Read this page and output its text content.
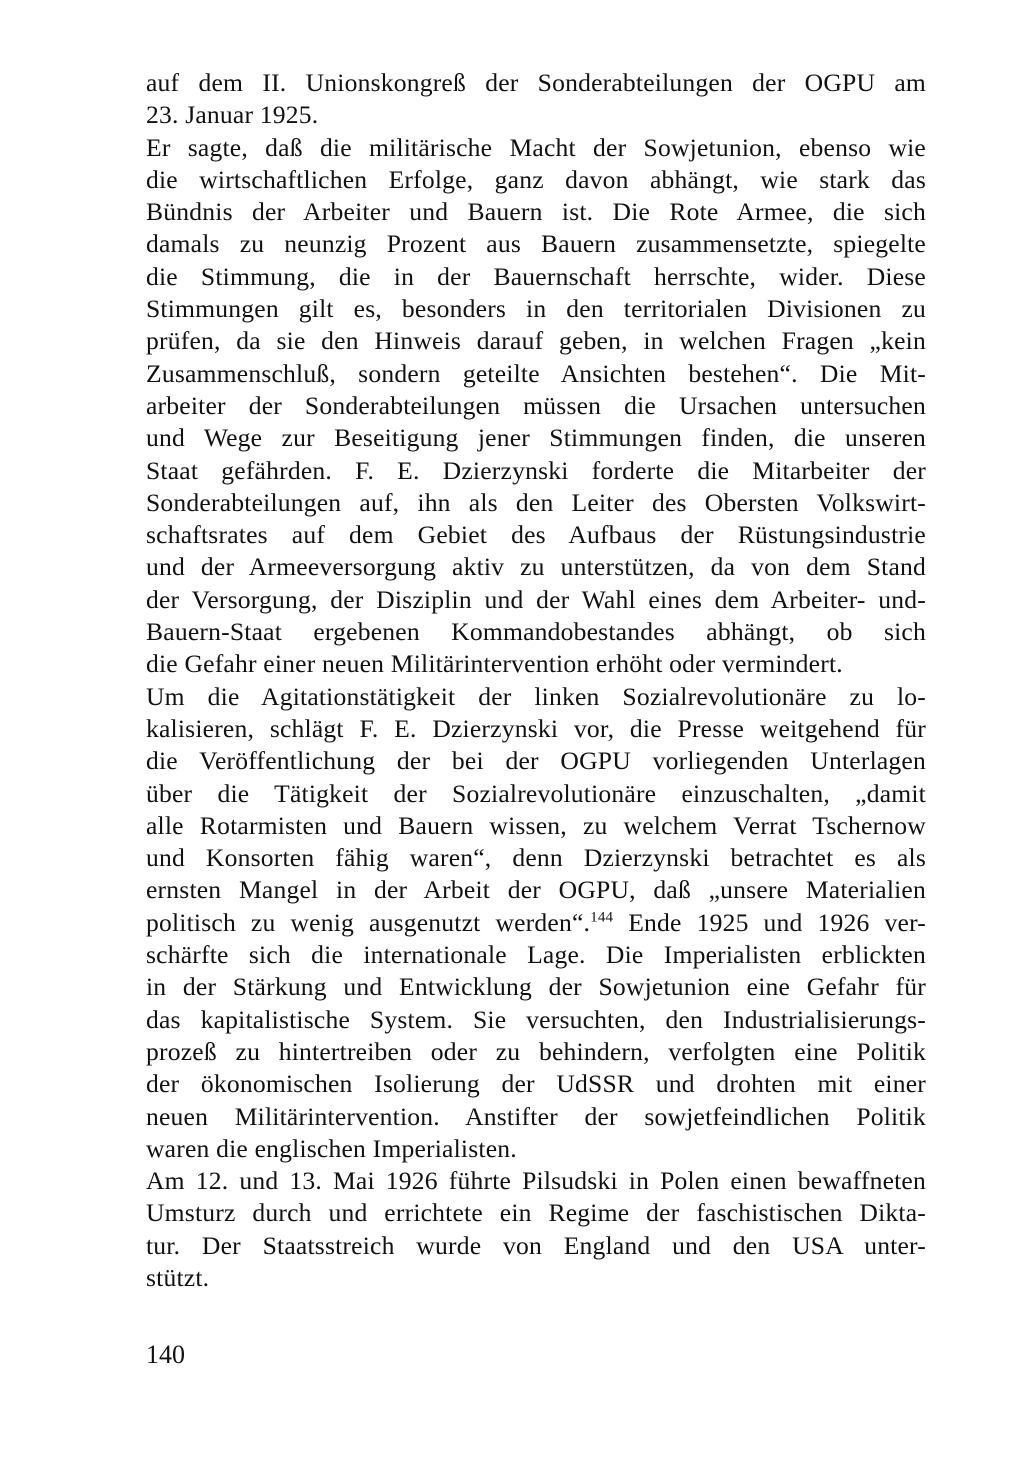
auf dem II. Unionskongreß der Sonderabteilungen der OGPU am
23. Januar 1925.
Er sagte, daß die militärische Macht der Sowjetunion, ebenso wie
die wirtschaftlichen Erfolge, ganz davon abhängt, wie stark das
Bündnis der Arbeiter und Bauern ist. Die Rote Armee, die sich
damals zu neunzig Prozent aus Bauern zusammensetzte, spiegelte
die Stimmung, die in der Bauernschaft herrschte, wider. Diese
Stimmungen gilt es, besonders in den territorialen Divisionen zu
prüfen, da sie den Hinweis darauf geben, in welchen Fragen „kein
Zusammenschluß, sondern geteilte Ansichten bestehen“. Die Mit-
arbeiter der Sonderabteilungen müssen die Ursachen untersuchen
und Wege zur Beseitigung jener Stimmungen finden, die unseren
Staat gefährden. F. E. Dzierzynski forderte die Mitarbeiter der
Sonderabteilungen auf, ihn als den Leiter des Obersten Volkswirt-
schaftsrates auf dem Gebiet des Aufbaus der Rüstungsindustrie
und der Armeeversorgung aktiv zu unterstützen, da von dem Stand
der Versorgung, der Disziplin und der Wahl eines dem Arbeiter- und-
Bauern-Staat ergebenen Kommandobestandes abhängt, ob sich
die Gefahr einer neuen Militärintervention erhöht oder vermindert.
Um die Agitationstätigkeit der linken Sozialrevolutionäre zu lo-
kalisieren, schlägt F. E. Dzierzynski vor, die Presse weitgehend für
die Veröffentlichung der bei der OGPU vorliegenden Unterlagen
über die Tätigkeit der Sozialrevolutionäre einzuschalten, „damit
alle Rotarmisten und Bauern wissen, zu welchem Verrat Tschernow
und Konsorten fähig waren“, denn Dzierzynski betrachtet es als
ernsten Mangel in der Arbeit der OGPU, daß „unsere Materialien
politisch zu wenig ausgenutzt werden“.$^{144}$ Ende 1925 und 1926 ver-
schärfte sich die internationale Lage. Die Imperialisten erblickten
in der Stärkung und Entwicklung der Sowjetunion eine Gefahr für
das kapitalistische System. Sie versuchten, den Industrialisierungs-
prozeß zu hintertreiben oder zu behindern, verfolgten eine Politik
der ökonomischen Isolierung der UdSSR und drohten mit einer
neuen Militärintervention. Anstifter der sowjetfeindlichen Politik
waren die englischen Imperialisten.
Am 12. und 13. Mai 1926 führte Pilsudski in Polen einen bewaffneten
Umsturz durch und errichtete ein Regime der faschistischen Dikta-
tur. Der Staatsstreich wurde von England und den USA unter-
stützt.
140
